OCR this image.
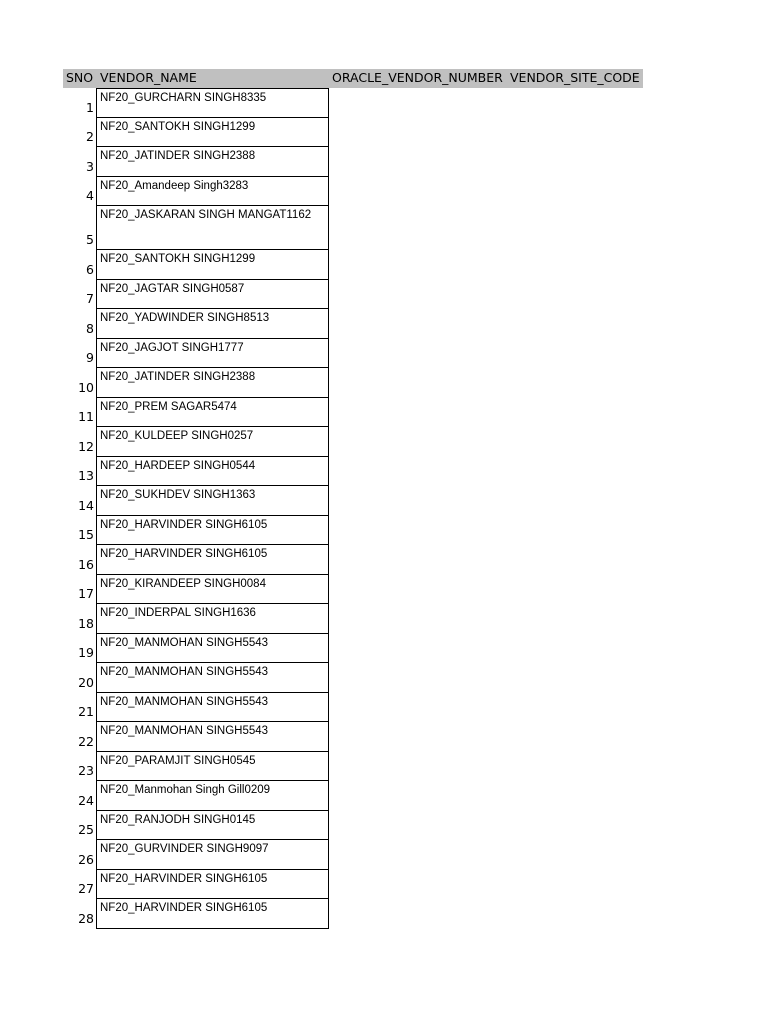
SNO VENDOR_NAME	ORACLE_VENDOR_NUMBER VENDOR_SITE_CODE
1
NF20_GURCHARN SINGH8335
2
NF20_SANTOKH SINGH1299
3
NF20_JATINDER SINGH2388
4
NF20_Amandeep Singh3283
5
NF20_JASKARAN SINGH MANGAT1162
6
NF20_SANTOKH SINGH1299
7
NF20_JAGTAR SINGH0587
8
NF20_YADWINDER SINGH8513
9
NF20_JAGJOT SINGH1777
10
NF20_JATINDER SINGH2388
11
NF20_PREM SAGAR5474
12
NF20_KULDEEP SINGH0257
13
NF20_HARDEEP SINGH0544
14
NF20_SUKHDEV SINGH1363
15
NF20_HARVINDER SINGH6105
16
NF20_HARVINDER SINGH6105
17
NF20_KIRANDEEP SINGH0084
18
NF20_INDERPAL SINGH1636
19
NF20_MANMOHAN SINGH5543
20
NF20_MANMOHAN SINGH5543
21
NF20_MANMOHAN SINGH5543
22
NF20_MANMOHAN SINGH5543
23
NF20_PARAMJIT SINGH0545
24
NF20_Manmohan Singh Gill0209
25
NF20_RANJODH SINGH0145
26
NF20_GURVINDER SINGH9097
27
NF20_HARVINDER SINGH6105
28
NF20_HARVINDER SINGH6105
